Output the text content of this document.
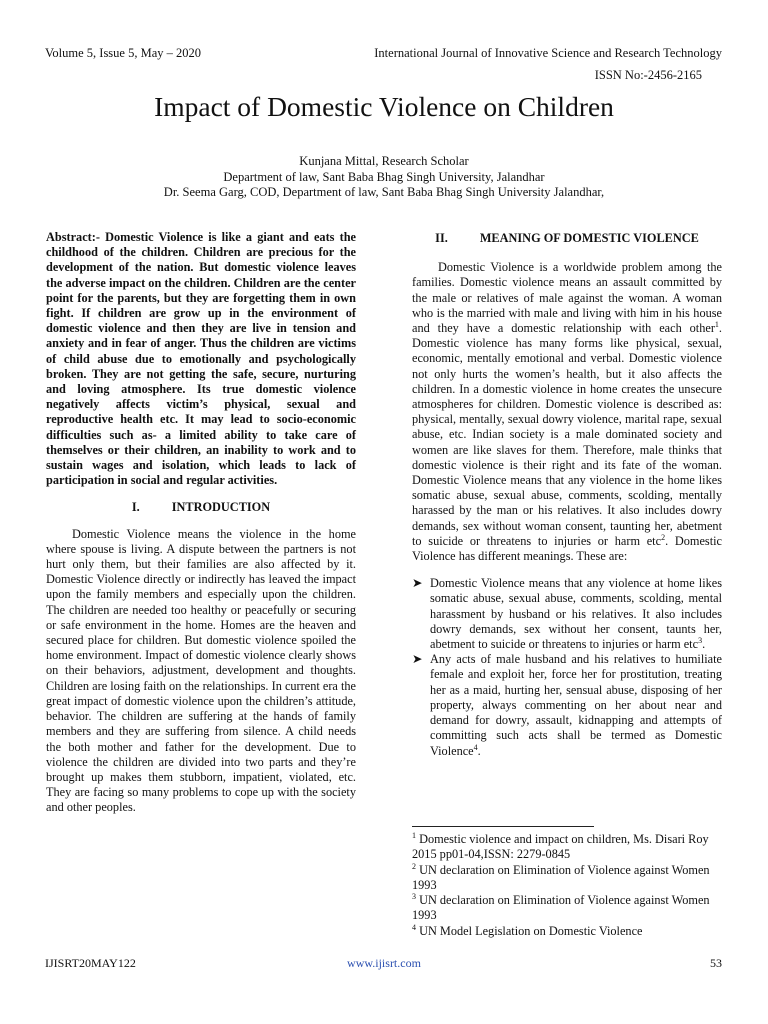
Volume 5, Issue 5, May – 2020	International Journal of Innovative Science and Research Technology
ISSN No:-2456-2165
Impact of Domestic Violence on Children
Kunjana Mittal, Research Scholar
Department of law, Sant Baba Bhag Singh University, Jalandhar
Dr. Seema Garg, COD, Department of law, Sant Baba Bhag Singh University Jalandhar,

Abstract:- Domestic Violence is like a giant and eats the childhood of the children. Children are precious for the development of the nation. But domestic violence leaves the adverse impact on the children. Children are the center point for the parents, but they are forgetting them in own fight. If children are grow up in the environment of domestic violence and then they are live in tension and anxiety and in fear of anger. Thus the children are victims of child abuse due to emotionally and psychologically broken. They are not getting the safe, secure, nurturing and loving atmosphere. Its true domestic violence negatively affects victim’s physical, sexual and reproductive health etc. It may lead to socio-economic difficulties such as- a limited ability to take care of themselves or their children, an inability to work and to sustain wages and isolation, which leads to lack of participation in social and regular activities.

I.	INTRODUCTION

Domestic Violence means the violence in the home where spouse is living. A dispute between the partners is not hurt only them, but their families are also affected by it. Domestic Violence directly or indirectly has leaved the impact upon the family members and especially upon the children. The children are needed too healthy or peacefully or securing or safe environment in the home. Homes are the heaven and secured place for children. But domestic violence spoiled the home environment. Impact of domestic violence clearly shows on their behaviors, adjustment, development and thoughts. Children are losing faith on the relationships. In current era the great impact of domestic violence upon the children’s attitude, behavior. The children are suffering at the hands of family members and they are suffering from silence. A child needs the both mother and father for the development. Due to violence the children are divided into two parts and they’re brought up makes them stubborn, impatient, violated, etc. They are facing so many problems to cope up with the society and other peoples.

II.	MEANING OF DOMESTIC VIOLENCE

Domestic Violence is a worldwide problem among the families. Domestic violence means an assault committed by the male or relatives of male against the woman. A woman who is the married with male and living with him in his house and they have a domestic relationship with each other$^1$. Domestic violence has many forms like physical, sexual, economic, mentally emotional and verbal. Domestic violence not only hurts the women’s health, but it also affects the children. In a domestic violence in home creates the unsecure atmospheres for children. Domestic violence is described as: physical, mentally, sexual dowry violence, marital rape, sexual abuse, etc. Indian society is a male dominated society and women are like slaves for them. Therefore, male thinks that domestic violence is their right and its fate of the woman. Domestic Violence means that any violence in the home likes somatic abuse, sexual abuse, comments, scolding, mentally harassed by the man or his relatives. It also includes dowry demands, sex without woman consent, taunting her, abetment to suicide or threatens to injuries or harm etc$^2$. Domestic Violence has different meanings. These are:

➤ Domestic Violence means that any violence at home likes somatic abuse, sexual abuse, comments, scolding, mental harassment by husband or his relatives. It also includes dowry demands, sex without her consent, taunts her, abetment to suicide or threatens to injuries or harm etc$^3$.
➤ Any acts of male husband and his relatives to humiliate female and exploit her, force her for prostitution, treating her as a maid, hurting her, sensual abuse, disposing of her property, always commenting on her about near and demand for dowry, assault, kidnapping and attempts of committing such acts shall be termed as Domestic Violence$^4$.
$^1$ Domestic violence and impact on children, Ms. Disari Roy 2015 pp01-04,ISSN: 2279-0845
$^2$ UN declaration on Elimination of Violence against Women 1993
$^3$ UN declaration on Elimination of Violence against Women 1993
$^4$ UN Model Legislation on Domestic Violence
IJISRT20MAY122	www.ijisrt.com	53
